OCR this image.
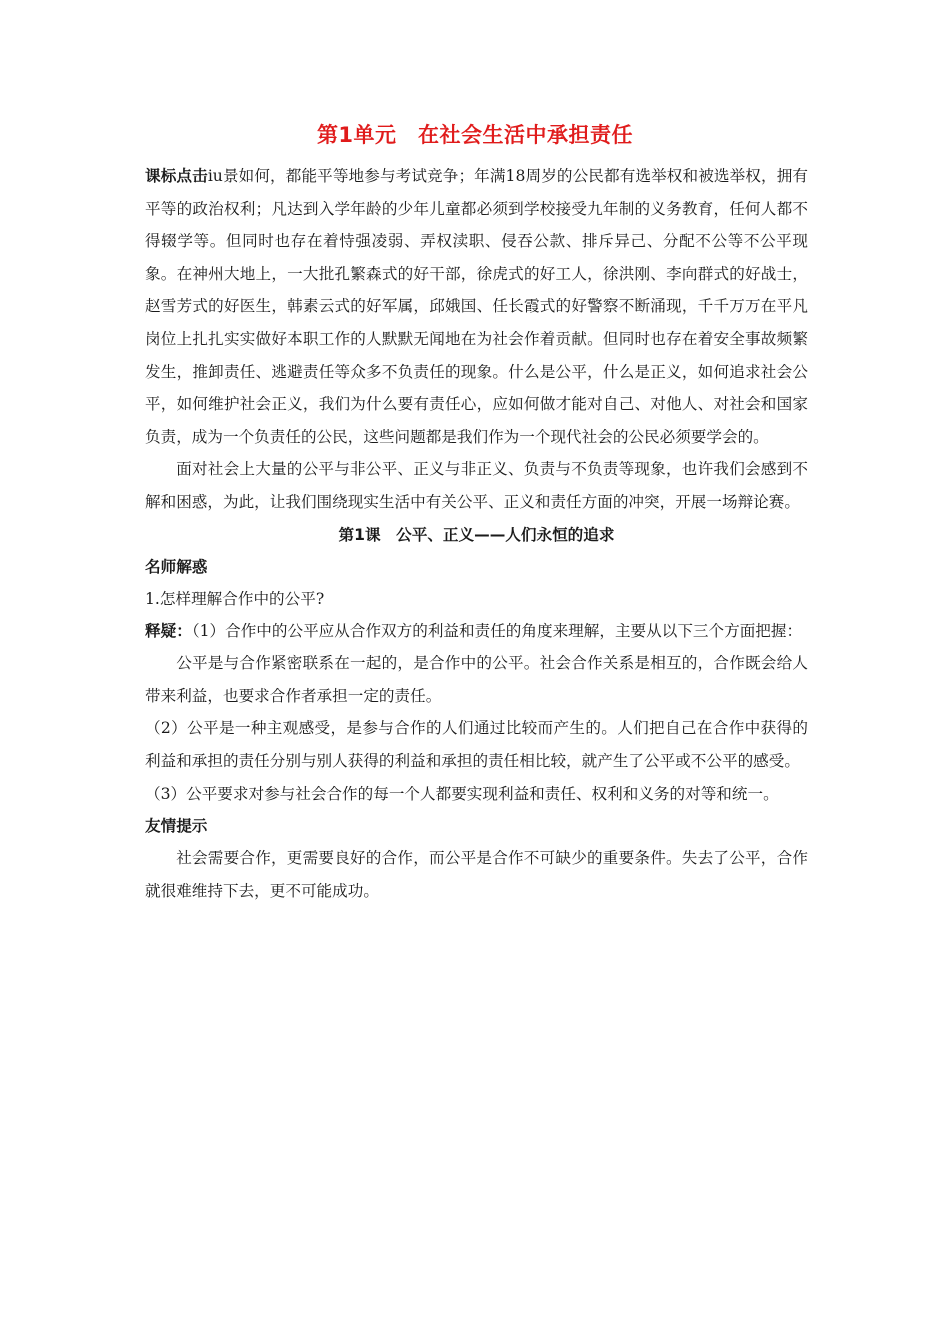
第1单元　在社会生活中承担责任

课标点击iu景如何，都能平等地参与考试竞争；年满18周岁的公民都有选举权和被选举权，拥有平等的政治权利；凡达到入学年龄的少年儿童都必须到学校接受九年制的义务教育，任何人都不得辍学等。但同时也存在着恃强凌弱、弄权渎职、侵吞公款、排斥异己、分配不公等不公平现象。在神州大地上，一大批孔繁森式的好干部，徐虎式的好工人，徐洪刚、李向群式的好战士，赵雪芳式的好医生，韩素云式的好军属，邱娥国、任长霞式的好警察不断涌现，千千万万在平凡岗位上扎扎实实做好本职工作的人默默无闻地在为社会作着贡献。但同时也存在着安全事故频繁发生，推卸责任、逃避责任等众多不负责任的现象。什么是公平，什么是正义，如何追求社会公平，如何维护社会正义，我们为什么要有责任心，应如何做才能对自己、对他人、对社会和国家负责，成为一个负责任的公民，这些问题都是我们作为一个现代社会的公民必须要学会的。

面对社会上大量的公平与非公平、正义与非正义、负责与不负责等现象，也许我们会感到不解和困惑，为此，让我们围绕现实生活中有关公平、正义和责任方面的冲突，开展一场辩论赛。

第1课　公平、正义——人们永恒的追求

名师解惑

1.怎样理解合作中的公平?

释疑：（1）合作中的公平应从合作双方的利益和责任的角度来理解，主要从以下三个方面把握：

公平是与合作紧密联系在一起的，是合作中的公平。社会合作关系是相互的，合作既会给人带来利益，也要求合作者承担一定的责任。

（2）公平是一种主观感受，是参与合作的人们通过比较而产生的。人们把自己在合作中获得的利益和承担的责任分别与别人获得的利益和承担的责任相比较，就产生了公平或不公平的感受。

（3）公平要求对参与社会合作的每一个人都要实现利益和责任、权利和义务的对等和统一。

友情提示

社会需要合作，更需要良好的合作，而公平是合作不可缺少的重要条件。失去了公平，合作就很难维持下去，更不可能成功。
